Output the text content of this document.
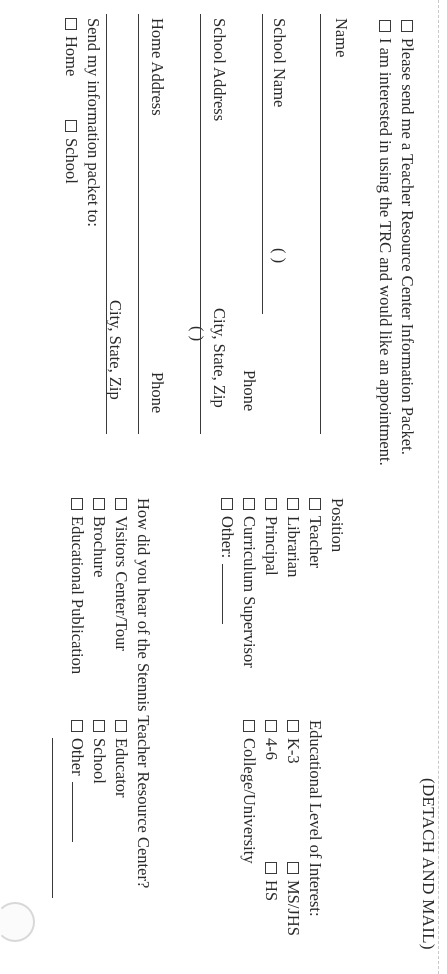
(DETACH AND MAIL)
Please send me a Teacher Resource Center Information Packet.
I am interested in using the TRC and would like an appointment.
Name
School Name
( )
Phone
School Address
City, State, Zip
( )
Home Address
Phone
City, State, Zip
Send my information packet to:
Home
School
Position
Teacher
Librarian
Principal
Curriculum Supervisor
Other:
Educational Level of Interest:
K-3
4-6
College/University
MS/JHS
HS
How did you hear of the Stennis Teacher Resource Center?
Visitors Center/Tour
Brochure
Educational Publication
Educator
School
Other
